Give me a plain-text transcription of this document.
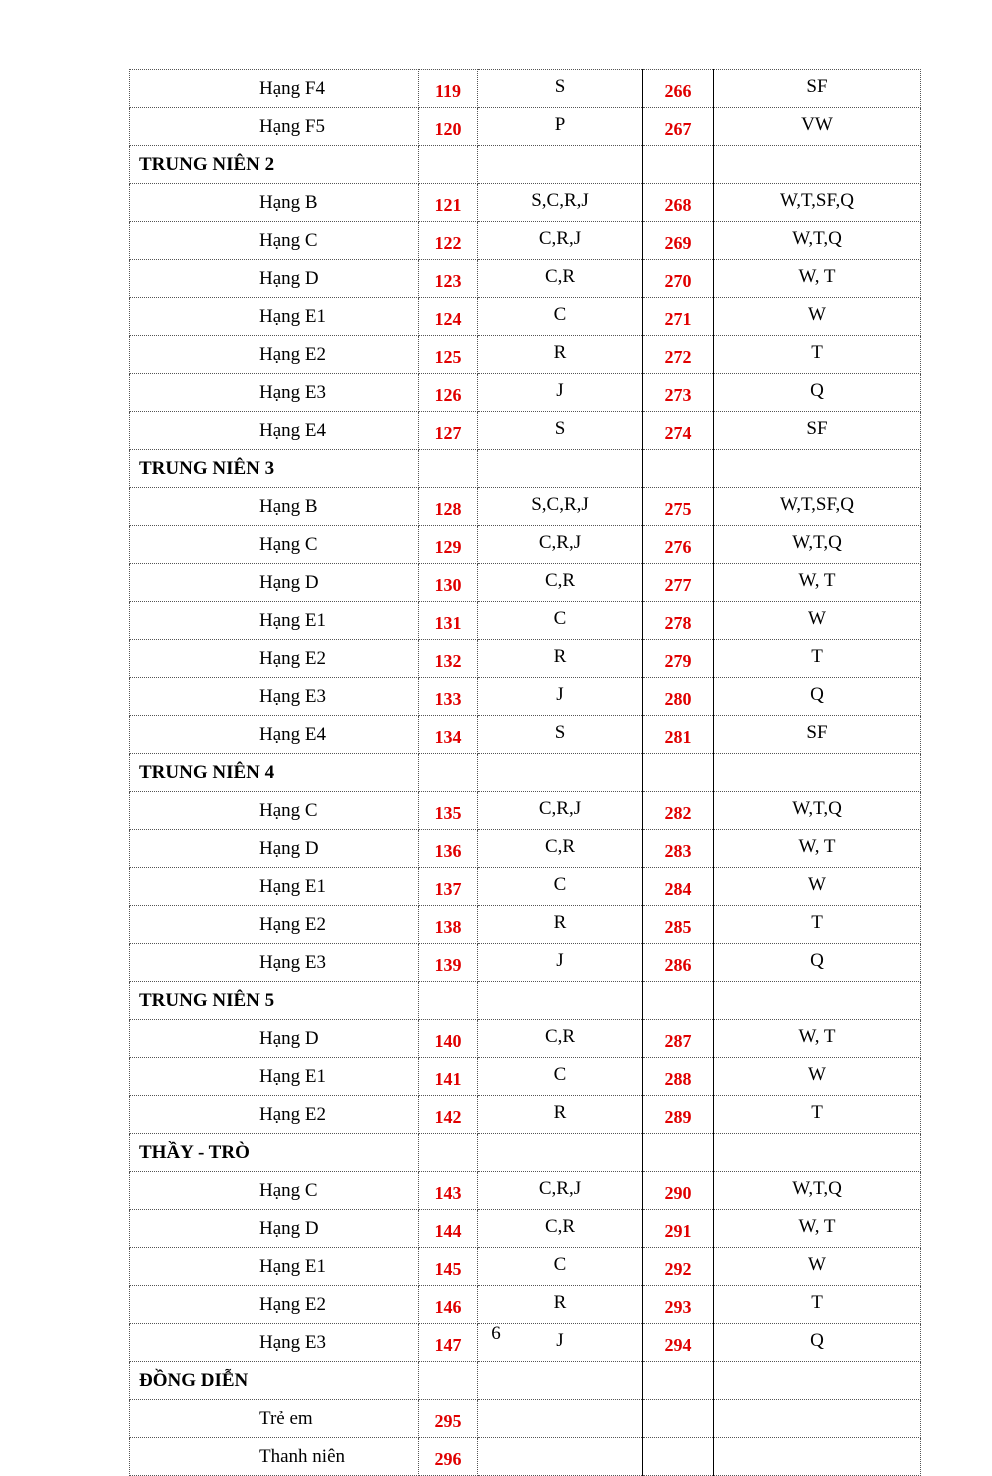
Hạng F4	119	S	266	SF
Hạng F5	120	P	267	VW
TRUNG NIÊN 2				
Hạng B	121	S,C,R,J	268	W,T,SF,Q
Hạng C	122	C,R,J	269	W,T,Q
Hạng D	123	C,R	270	W, T
Hạng E1	124	C	271	W
Hạng E2	125	R	272	T
Hạng E3	126	J	273	Q
Hạng E4	127	S	274	SF
TRUNG NIÊN 3				
Hạng B	128	S,C,R,J	275	W,T,SF,Q
Hạng C	129	C,R,J	276	W,T,Q
Hạng D	130	C,R	277	W, T
Hạng E1	131	C	278	W
Hạng E2	132	R	279	T
Hạng E3	133	J	280	Q
Hạng E4	134	S	281	SF
TRUNG NIÊN 4				
Hạng C	135	C,R,J	282	W,T,Q
Hạng D	136	C,R	283	W, T
Hạng E1	137	C	284	W
Hạng E2	138	R	285	T
Hạng E3	139	J	286	Q
TRUNG NIÊN 5				
Hạng D	140	C,R	287	W, T
Hạng E1	141	C	288	W
Hạng E2	142	R	289	T
THẦY - TRÒ				
Hạng C	143	C,R,J	290	W,T,Q
Hạng D	144	C,R	291	W, T
Hạng E1	145	C	292	W
Hạng E2	146	R	293	T
Hạng E3	147	J	294	Q
ĐỒNG DIỄN				
Trẻ em	295			
Thanh niên	296			
6
